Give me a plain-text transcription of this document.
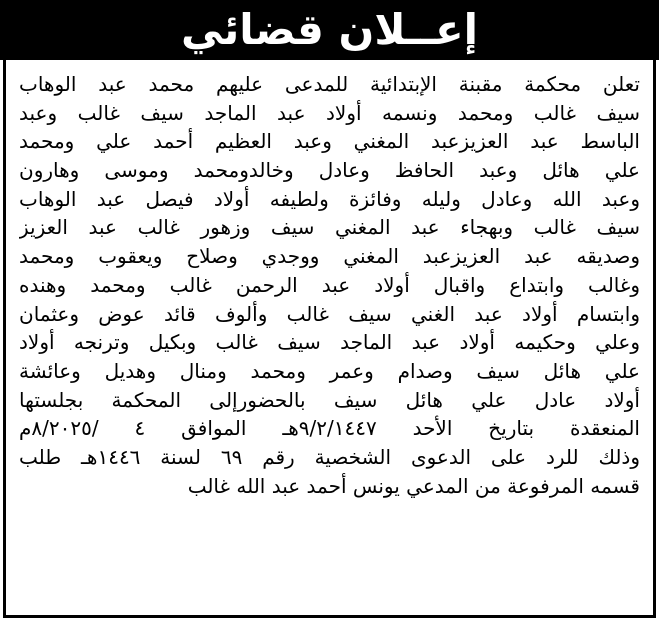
إعــلان قضائي
تعلن محكمة مقبنة الإبتدائية للمدعى عليهم محمد عبد الوهاب
سيف غالب ومحمد ونسمه أولاد عبد الماجد سيف غالب وعبد
الباسط عبد العزيزعبد المغني وعبد العظيم أحمد علي ومحمد
علي هائل وعبد الحافظ وعادل وخالدومحمد وموسى وهارون
وعبد الله وعادل وليله وفائزة ولطيفه أولاد فيصل عبد الوهاب
سيف غالب وبهجاء عبد المغني سيف وزهور غالب عبد العزيز
وصديقه عبد العزيزعبد المغني ووجدي وصلاح ويعقوب ومحمد
وغالب وابتداع واقبال أولاد عبد الرحمن غالب ومحمد وهنده
وابتسام أولاد عبد الغني سيف غالب وألوف قائد عوض وعثمان
وعلي وحكيمه أولاد عبد الماجد سيف غالب وبكيل وترنجه أولاد
علي هائل سيف وصدام وعمر ومحمد ومنال وهديل وعائشة
أولاد عادل علي هائل سيف بالحضورإلى المحكمة بجلستها
المنعقدة بتاريخ الأحد ٩/٢/١٤٤٧هـ الموافق ٤ /٨/٢٠٢٥م
وذلك للرد على الدعوى الشخصية رقم ٦٩ لسنة ١٤٤٦هـ طلب
قسمه المرفوعة من المدعي يونس أحمد عبد الله غالب
